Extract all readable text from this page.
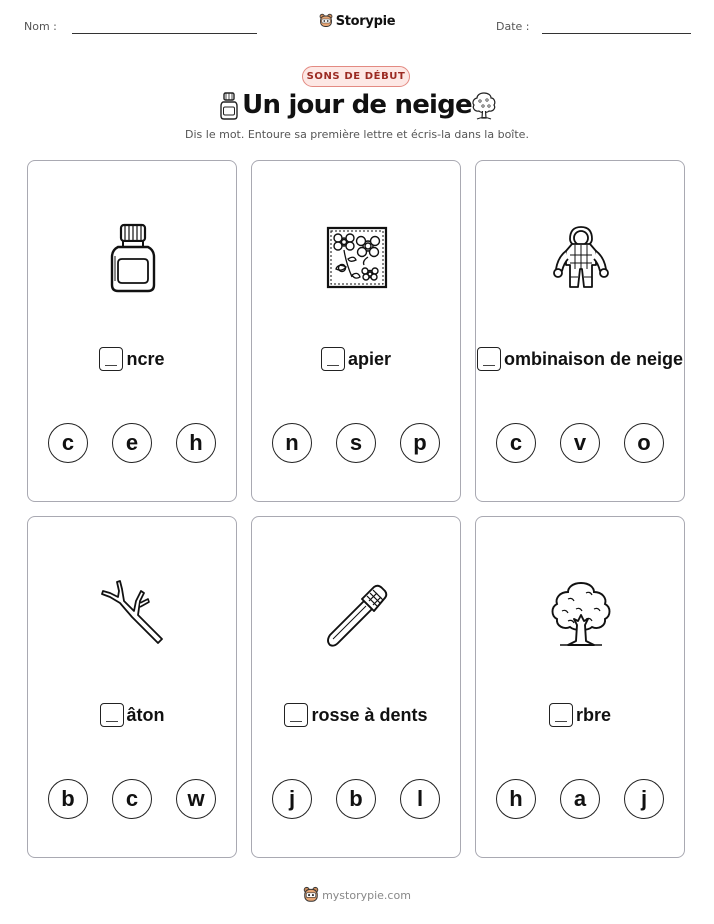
Nom :	Storypie	Date :
SONS DE DÉBUT
Un jour de neige
Dis le mot. Entoure sa première lettre et écris-la dans la boîte.
ncre
c	e	h
apier
n	s	p
ombinaison de neige
c	v	o
âton
b	c	w
rosse à dents
j	b	l
rbre
h	a	j
mystorypie.com
